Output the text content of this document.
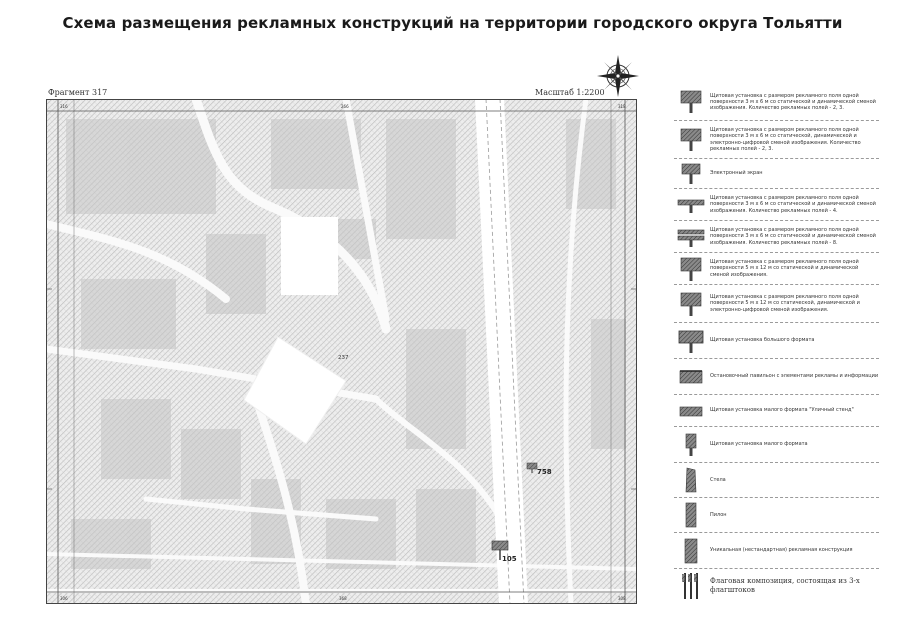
Схема размещения рекламных конструкций на территории городского округа Тольятти
Фрагмент 317	Масштаб 1:2200
316	266	318
306	368	308
237
758
105
Щитовая установка с размером рекламного поля одной поверхности 3 м х 6 м со статической и динамической сменой изображения. Количество рекламных полей - 2, 3.
Щитовая установка с размером рекламного поля одной поверхности 3 м х 6 м со статической, динамической и электронно-цифровой сменой изображения. Количество рекламных полей - 2, 3.
Электронный экран
Щитовая установка с размером рекламного поля одной поверхности 3 м х 6 м со статической и динамической сменой изображения. Количество рекламных полей - 4.
Щитовая установка с размером рекламного поля одной поверхности 3 м х 6 м со статической и динамической сменой изображения. Количество рекламных полей - 8.
Щитовая установка с размером рекламного поля одной поверхности 5 м х 12 м со статической и динамической сменой изображения.
Щитовая установка с размером рекламного поля одной поверхности 5 м х 12 м со статической, динамической и электронно-цифровой сменой изображения.
Щитовая установка большого формата
Остановочный павильон с элементами рекламы и информации
Щитовая установка малого формата "Уличный стенд"
Щитовая установка малого формата
Стела
Пилон
Уникальная (нестандартная) рекламная конструкция
Флаговая композиция, состоящая из 3-х флагштоков
